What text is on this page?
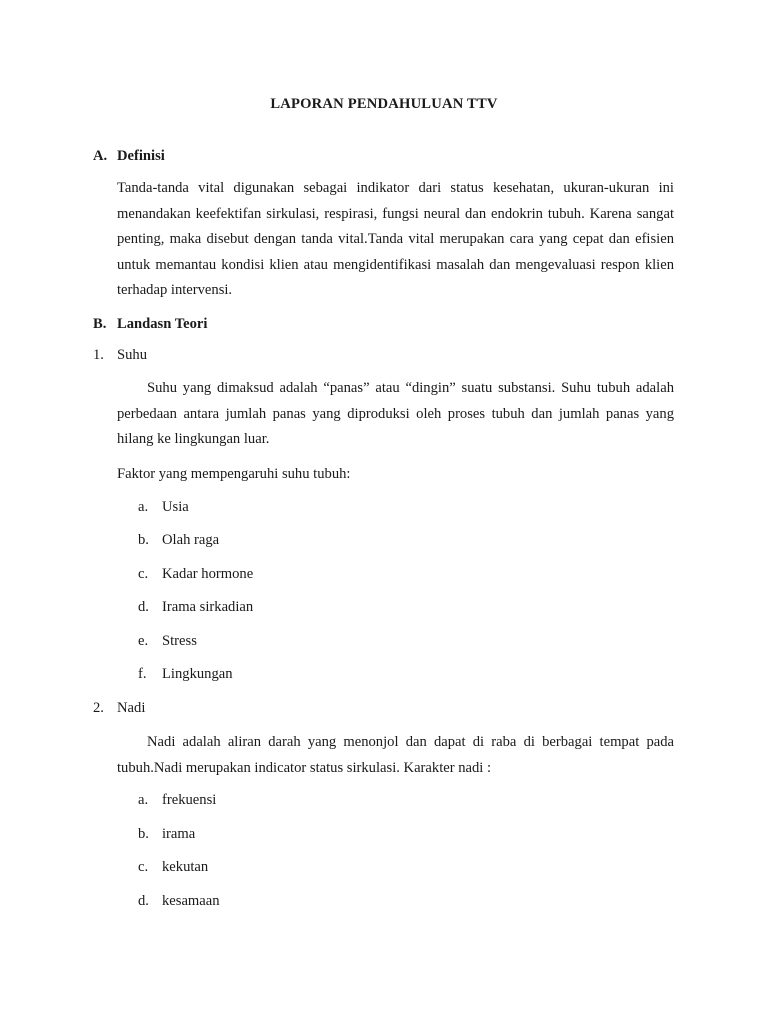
LAPORAN PENDAHULUAN TTV
A. Definisi

Tanda-tanda vital digunakan sebagai indikator dari status kesehatan, ukuran-ukuran ini menandakan keefektifan sirkulasi, respirasi, fungsi neural dan endokrin tubuh. Karena sangat penting, maka disebut dengan tanda vital.Tanda vital merupakan cara yang cepat dan efisien untuk memantau kondisi klien atau mengidentifikasi masalah dan mengevaluasi respon klien terhadap intervensi.

B. Landasn Teori
1. Suhu

Suhu yang dimaksud adalah “panas” atau “dingin” suatu substansi. Suhu tubuh adalah perbedaan antara jumlah panas yang diproduksi oleh proses tubuh dan jumlah panas yang hilang ke lingkungan luar.

Faktor yang mempengaruhi suhu tubuh:
a. Usia
b. Olah raga
c. Kadar hormone
d. Irama sirkadian
e. Stress
f. Lingkungan
2. Nadi

Nadi adalah aliran darah yang menonjol dan dapat di raba di berbagai tempat pada tubuh.Nadi merupakan indicator status sirkulasi. Karakter nadi :

a. frekuensi
b. irama
c. kekutan
d. kesamaan
